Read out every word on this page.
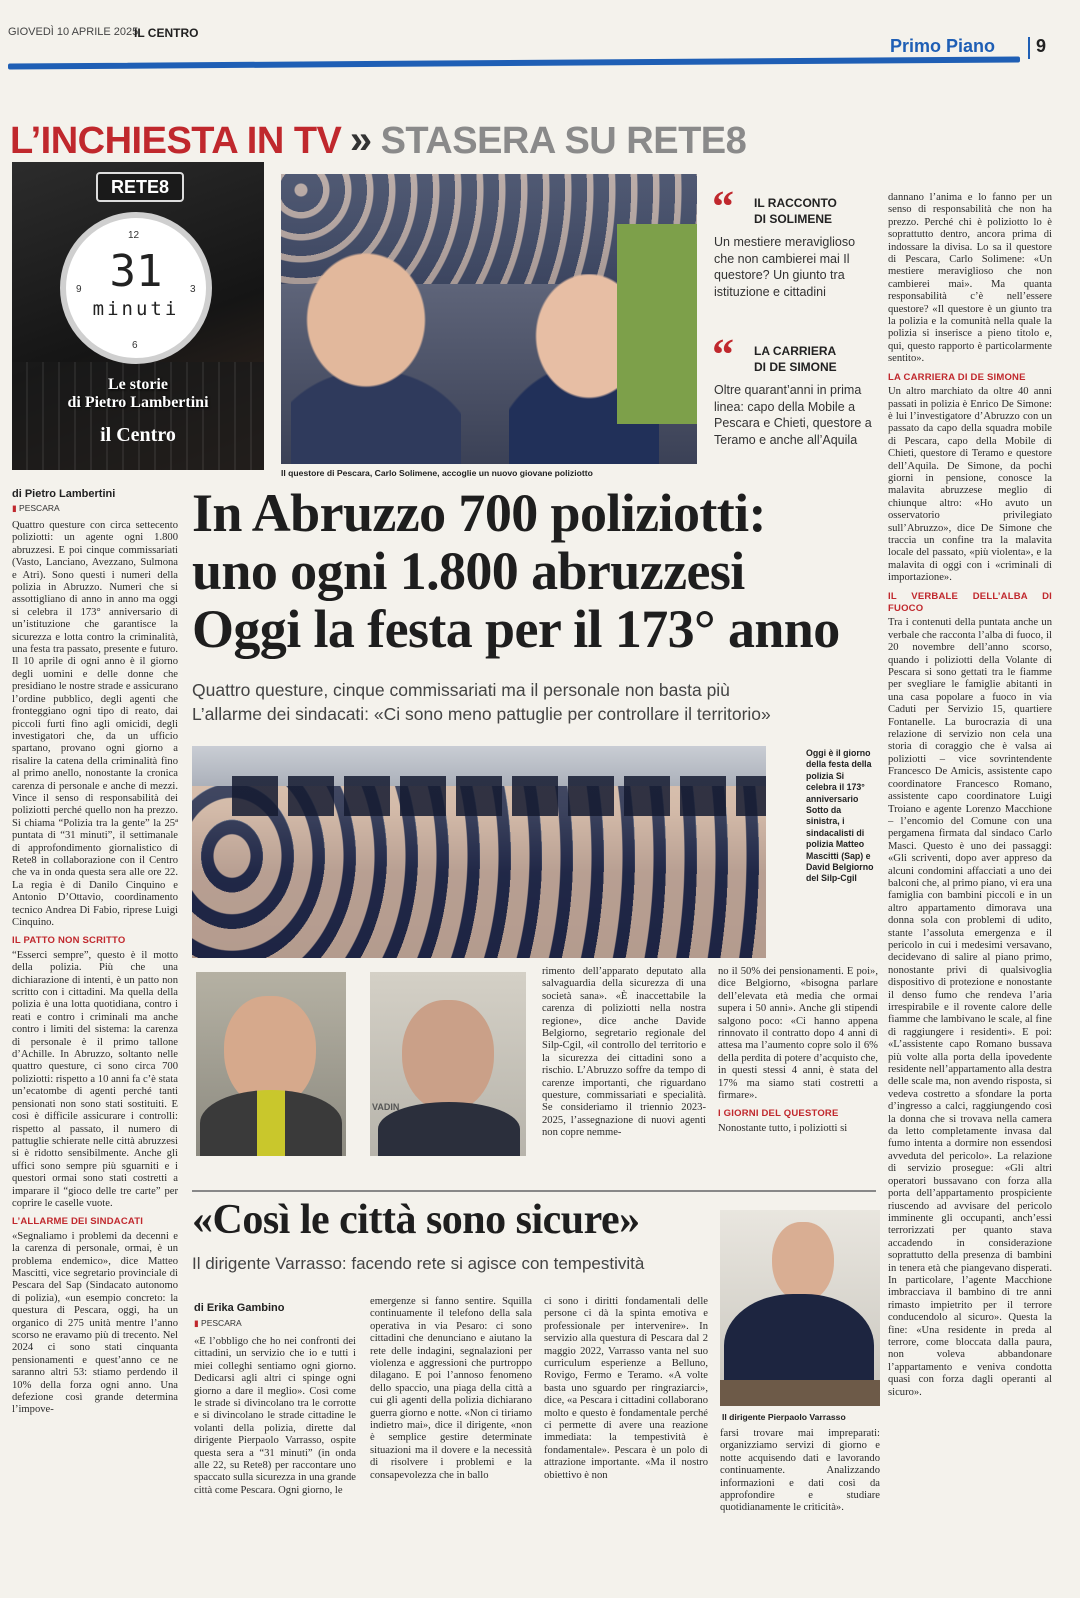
GIOVEDÌ 10 APRILE 2025
IL CENTRO
Primo Piano 9
L’INCHIESTA IN TV » STASERA SU RETE8
RETE8
12
3
6
9 31
minuti
Le storie
di Pietro Lambertini
il Centro
Il questore di Pescara, Carlo Solimene, accoglie un nuovo giovane poliziotto
“ IL RACCONTO
DI SOLIMENE
Un mestiere meraviglioso che non cambierei mai Il questore? Un giunto tra istituzione e cittadini
“ LA CARRIERA
DI DE SIMONE
Oltre quarant’anni in prima linea: capo della Mobile a Pescara e Chieti, questore a Teramo e anche all’Aquila
di Pietro Lambertini
▮ PESCARA In Abruzzo 700 poliziotti:
uno ogni 1.800 abruzzesi
Oggi la festa per il 173° anno
Quattro questure, cinque commissariati ma il personale non basta più
L’allarme dei sindacati: «Ci sono meno pattuglie per controllare il territorio»

Quattro questure con circa settecento poliziotti: un agente ogni 1.800 abruzzesi. E poi cinque commissariati (Vasto, Lanciano, Avezzano, Sulmona e Atri). Sono questi i numeri della polizia in Abruzzo. Numeri che si assottigliano di anno in anno ma oggi si celebra il 173° anniversario di un’istituzione che garantisce la sicurezza e lotta contro la criminalità, una festa tra passato, presente e futuro. Il 10 aprile di ogni anno è il giorno degli uomini e delle donne che presidiano le nostre strade e assicurano l’ordine pubblico, degli agenti che fronteggiano ogni tipo di reato, dai piccoli furti fino agli omicidi, degli investigatori che, da un ufficio spartano, provano ogni giorno a risalire la catena della criminalità fino al primo anello, nonostante la cronica carenza di personale e anche di mezzi. Vince il senso di responsabilità dei poliziotti perché quello non ha prezzo. Si chiama “Polizia tra la gente” la 25ª puntata di “31 minuti”, il settimanale di approfondimento giornalistico di Rete8 in collaborazione con il Centro che va in onda questa sera alle ore 22. La regia è di Danilo Cinquino e Antonio D’Ottavio, coordinamento tecnico Andrea Di Fabio, riprese Luigi Cinquino.

IL PATTO NON SCRITTO

“Esserci sempre”, questo è il motto della polizia. Più che una dichiarazione di intenti, è un patto non scritto con i cittadini. Ma quella della polizia è una lotta quotidiana, contro i reati e contro i criminali ma anche contro i limiti del sistema: la carenza di personale è il primo tallone d’Achille. In Abruzzo, soltanto nelle quattro questure, ci sono circa 700 poliziotti: rispetto a 10 anni fa c’è stata un’ecatombe di agenti perché tanti pensionati non sono stati sostituiti. E così è difficile assicurare i controlli: rispetto al passato, il numero di pattuglie schierate nelle città abruzzesi si è ridotto sensibilmente. Anche gli uffici sono sempre più sguarniti e i questori ormai sono stati costretti a imparare il “gioco delle tre carte” per coprire le caselle vuote.

L’ALLARME DEI SINDACATI

«Segnaliamo i problemi da decenni e la carenza di personale, ormai, è un problema endemico», dice Matteo Mascitti, vice segretario provinciale di Pescara del Sap (Sindacato autonomo di polizia), «un esempio concreto: la questura di Pescara, oggi, ha un organico di 275 unità mentre l’anno scorso ne eravamo più di trecento. Nel 2024 ci sono stati cinquanta pensionamenti e quest’anno ce ne saranno altri 53: stiamo perdendo il 10% della forza ogni anno. Una defezione così grande determina l’impove-

Oggi è il giorno della festa della polizia Si celebra il 173° anniversario Sotto da sinistra, i sindacalisti di polizia Matteo Mascitti (Sap) e David Belgiorno del Silp-Cgil
VADIN

rimento dell’apparato deputato alla salvaguardia della sicurezza di una società sana». «È inaccettabile la carenza di poliziotti nella nostra regione», dice anche Davide Belgiorno, segretario regionale del Silp-Cgil, «il controllo del territorio e la sicurezza dei cittadini sono a rischio. L’Abruzzo soffre da tempo di carenze importanti, che riguardano questure, commissariati e specialità. Se consideriamo il triennio 2023-2025, l’assegnazione di nuovi agenti non copre nemme-

no il 50% dei pensionamenti. E poi», dice Belgiorno, «bisogna parlare dell’elevata età media che ormai supera i 50 anni». Anche gli stipendi salgono poco: «Ci hanno appena rinnovato il contratto dopo 4 anni di attesa ma l’aumento copre solo il 6% della perdita di potere d’acquisto che, in questi stessi 4 anni, è stata del 17% ma siamo stati costretti a firmare».

I GIORNI DEL QUESTORE

Nonostante tutto, i poliziotti si

dannano l’anima e lo fanno per un senso di responsabilità che non ha prezzo. Perché chi è poliziotto lo è soprattutto dentro, ancora prima di indossare la divisa. Lo sa il questore di Pescara, Carlo Solimene: «Un mestiere meraviglioso che non cambierei mai». Ma quanta responsabilità c’è nell’essere questore? «Il questore è un giunto tra la polizia e la comunità nella quale la polizia si inserisce a pieno titolo e, qui, questo rapporto è particolarmente sentito».

LA CARRIERA DI DE SIMONE

Un altro marchiato da oltre 40 anni passati in polizia è Enrico De Simone: è lui l’investigatore d’Abruzzo con un passato da capo della squadra mobile di Pescara, capo della Mobile di Chieti, questore di Teramo e questore dell’Aquila. De Simone, da pochi giorni in pensione, conosce la malavita abruzzese meglio di chiunque altro: «Ho avuto un osservatorio privilegiato sull’Abruzzo», dice De Simone che traccia un confine tra la malavita locale del passato, «più violenta», e la malavita di oggi con i «criminali di importazione».

IL VERBALE DELL’ALBA DI FUOCO

Tra i contenuti della puntata anche un verbale che racconta l’alba di fuoco, il 20 novembre dell’anno scorso, quando i poliziotti della Volante di Pescara si sono gettati tra le fiamme per svegliare le famiglie abitanti in una casa popolare a fuoco in via Caduti per Servizio 15, quartiere Fontanelle. La burocrazia di una relazione di servizio non cela una storia di coraggio che è valsa ai poliziotti – vice sovrintendente Francesco De Amicis, assistente capo coordinatore Francesco Romano, assistente capo coordinatore Luigi Troiano e agente Lorenzo Macchione – l’encomio del Comune con una pergamena firmata dal sindaco Carlo Masci. Questo è uno dei passaggi: «Gli scriventi, dopo aver appreso da alcuni condomini affacciati a uno dei balconi che, al primo piano, vi era una famiglia con bambini piccoli e in un altro appartamento dimorava una donna sola con problemi di udito, stante l’assoluta emergenza e il pericolo in cui i medesimi versavano, decidevano di salire al piano primo, nonostante privi di qualsivoglia dispositivo di protezione e nonostante il denso fumo che rendeva l’aria irrespirabile e il rovente calore delle fiamme che lambivano le scale, al fine di raggiungere i residenti». E poi: «L’assistente capo Romano bussava più volte alla porta della ipovedente residente nell’appartamento alla destra delle scale ma, non avendo risposta, si vedeva costretto a sfondare la porta d’ingresso a calci, raggiungendo così la donna che si trovava nella camera da letto completamente invasa dal fumo intenta a dormire non essendosi avveduta del pericolo». La relazione di servizio prosegue: «Gli altri operatori bussavano con forza alla porta dell’appartamento prospiciente riuscendo ad avvisare del pericolo imminente gli occupanti, anch’essi terrorizzati per quanto stava accadendo in considerazione soprattutto della presenza di bambini in tenera età che piangevano disperati. In particolare, l’agente Macchione imbracciava il bambino di tre anni rimasto impietrito per il terrore conducendolo al sicuro». Questa la fine: «Una residente in preda al terrore, come bloccata dalla paura, non voleva abbandonare l’appartamento e veniva condotta quasi con forza dagli operanti al sicuro».

«Così le città sono sicure»
Il dirigente Varrasso: facendo rete si agisce con tempestività
di Erika Gambino
▮ PESCARA

«È l’obbligo che ho nei confronti dei cittadini, un servizio che io e tutti i miei colleghi sentiamo ogni giorno. Dedicarsi agli altri ci spinge ogni giorno a dare il meglio». Così come le strade si divincolano tra le corrotte e si divincolano le strade cittadine le volanti della polizia, dirette dal dirigente Pierpaolo Varrasso, ospite questa sera a “31 minuti” (in onda alle 22, su Rete8) per raccontare uno spaccato sulla sicurezza in una grande città come Pescara. Ogni giorno, le

emergenze si fanno sentire. Squilla continuamente il telefono della sala operativa in via Pesaro: ci sono cittadini che denunciano e aiutano la rete delle indagini, segnalazioni per violenza e aggressioni che purtroppo dilagano. E poi l’annoso fenomeno dello spaccio, una piaga della città a cui gli agenti della polizia dichiarano guerra giorno e notte. «Non ci tiriamo indietro mai», dice il dirigente, «non è semplice gestire determinate situazioni ma il dovere e la necessità di risolvere i problemi e la consapevolezza che in ballo

ci sono i diritti fondamentali delle persone ci dà la spinta emotiva e professionale per intervenire». In servizio alla questura di Pescara dal 2 maggio 2022, Varrasso vanta nel suo curriculum esperienze a Belluno, Rovigo, Fermo e Teramo. «A volte basta uno sguardo per ringraziarci», dice, «a Pescara i cittadini collaborano molto e questo è fondamentale perché ci permette di avere una reazione immediata: la tempestività è fondamentale». Pescara è un polo di attrazione importante. «Ma il nostro obiettivo è non

farsi trovare mai impreparati: organizziamo servizi di giorno e notte acquisendo dati e lavorando continuamente. Analizzando informazioni e dati così da approfondire e studiare quotidianamente le criticità».

Il dirigente Pierpaolo Varrasso
